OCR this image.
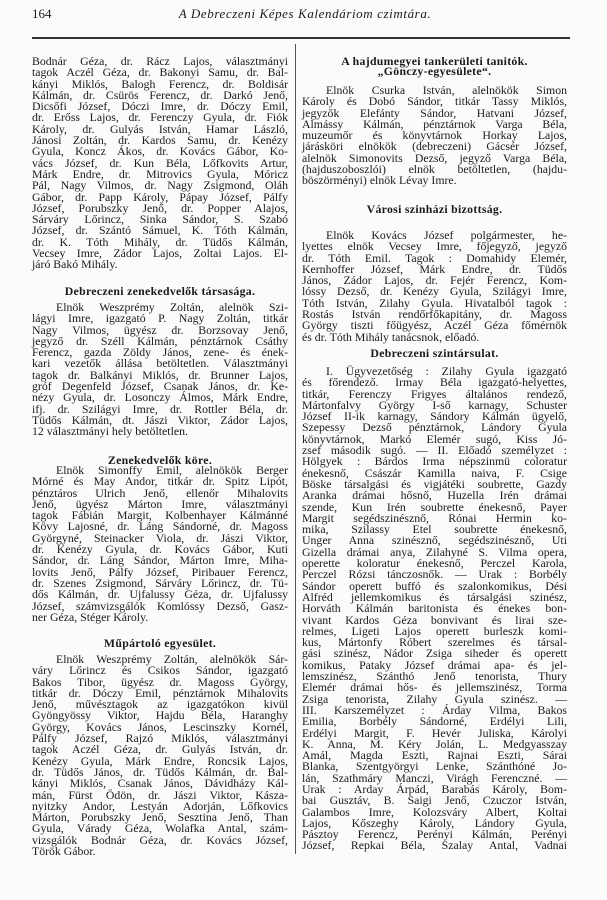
164	A Debreczeni Képes Kalendáriom czimtára.
Bodnár Géza, dr. Rácz Lajos, választmányi
tagok Aczél Géza, dr. Bakonyi Samu, dr. Bal-
kányi Miklós, Balogh Ferencz, dr. Boldisár
Kálmán, dr. Csürös Ferencz, dr. Darkó Jenő,
Dicsőfi József, Dóczi Imre, dr. Dóczy Emil,
dr. Erőss Lajos, dr. Ferenczy Gyula, dr. Fiók
Károly, dr. Gulyás István, Hamar László,
Jánosi Zoltán, dr. Kardos Samu, dr. Kenézy
Gyula, Koncz Ákos, dr. Kovács Gábor, Ko-
vács József, dr. Kun Béla, Lőfkovits Artur,
Márk Endre, dr. Mitrovics Gyula, Móricz
Pál, Nagy Vilmos, dr. Nagy Zsigmond, Oláh
Gábor, dr. Papp Károly, Pápay József, Pálfy
József, Porubszky Jenő, dr. Popper Alajos,
Sárváry Lőrincz, Sinka Sándor, S. Szabó
József, dr. Szántó Sámuel, K. Tóth Kálmán,
dr. K. Tóth Mihály, dr. Tüdős Kálmán,
Vecsey Imre, Zádor Lajos, Zoltai Lajos. El-
járó Bakó Mihály.
Debreczeni zenekedvelők társasága.
Elnök Weszprémy Zoltán, alelnök Szi-
lágyi Imre, igazgató P. Nagy Zoltán, titkár
Nagy Vilmos, ügyész dr. Borzsovay Jenő,
jegyző dr. Széll Kálmán, pénztárnok Csáthy
Ferencz, gazda Zöldy János, zene- és ének-
kari vezetők állása betöltetlen. Választmányi
tagok dr. Balkányi Miklós, dr. Brunner Lajos,
gróf Degenfeld József, Csanak János, dr. Ke-
nézy Gyula, dr. Losonczy Álmos, Márk Endre,
ifj. dr. Szilágyi Imre, dr. Rottler Béla, dr.
Tüdős Kálmán, dt. Jászi Viktor, Zádor Lajos,
12 választmányi hely betöltetlen.
Zenekedvelők köre.
Elnök Simonffy Emil, alelnökök Berger
Mórné és May Andor, titkár dr. Spitz Lipót,
pénztáros Ulrich Jenő, ellenőr Mihalovits
Jenő, ügyész Márton Imre, választmányi
tagok Fábián Margit, Kolbenhayer Kálmánné
Kövy Lajosné, dr. Láng Sándorné, dr. Magoss
Györgyné, Steinacker Viola, dr. Jászi Viktor,
dr. Kenézy Gyula, dr. Kovács Gábor, Kuti
Sándor, dr. Láng Sándor, Márton Imre, Miha-
lovits Jenő, Pálfy József, Piribauer Ferencz,
dr. Szenes Zsigmond, Sárváry Lőrincz, dr. Tü-
dős Kálmán, dr. Ujfalussy Géza, dr. Ujfalussy
József, számvizsgálók Komlóssy Dezső, Gasz-
ner Géza, Stéger Károly.
Műpártoló egyesület.
Elnök Weszprémy Zoltán, alelnökök Sár-
váry Lőrincz és Csikos Sándor, igazgató
Bakos Tibor, ügyész dr. Magoss György,
titkár dr. Dóczy Emil, pénztárnok Mihalovits
Jenő, művésztagok az igazgatókon kivül
Gyöngyössy Viktor, Hajdu Béla, Haranghy
György, Kovács János, Lescinszky Kornél,
Pálfy József, Rajzó Miklós, választmányi
tagok Aczél Géza, dr. Gulyás István, dr.
Kenézy Gyula, Márk Endre, Roncsik Lajos,
dr. Tüdős János, dr. Tüdős Kálmán, dr. Bal-
kányi Miklós, Csanak János, Dávidházy Kál-
mán, Fürst Ödön, dr. Jászi Viktor, Kásza-
nyitzky Andor, Lestyán Adorján, Lőfkovics
Márton, Porubszky Jenő, Sesztina Jenő, Than
Gyula, Várady Géza, Wolafka Antal, szám-
vizsgálók Bodnár Géza, dr. Kovács József,
Török Gábor.
A hajdumegyei tankerületi tanitók.
„Gönczy-egyesülete“.
Elnök Csurka István, alelnökök Simon
Károly és Dobó Sándor, titkár Tassy Miklós,
jegyzők Elefánty Sándor, Hatvani József,
Almássy Kálmán, pénztárnok Varga Béla,
muzeumőr és könyvtárnok Horkay Lajos,
járásköri elnökök (debreczeni) Gácsér József,
alelnök Simonovits Dezső, jegyző Varga Béla,
(hajduszoboszlói) elnök betöltetlen, (hajdu-
böszörményi) elnök Lévay Imre.
Városi szinházi bizottság.
Elnök Kovács József polgármester, he-
lyettes elnök Vecsey Imre, főjegyző, jegyző
dr. Tóth Emil. Tagok : Domahidy Elemér,
Kernhoffer József, Márk Endre, dr. Tüdős
János, Zádor Lajos, dr. Fejér Ferencz, Kom-
lóssy Dezső, dr. Kenézy Gyula, Szilágyi Imre,
Tóth István, Zilahy Gyula. Hivatalból tagok :
Rostás István rendőrfőkapitány, dr. Magoss
György tiszti főügyész, Aczél Géza főmérnök
és dr. Tóth Mihály tanácsnok, előadó.
Debreczeni szintársulat.
I. Ügyvezetőség : Zilahy Gyula igazgató
és főrendező. Irmay Béla igazgató-helyettes,
titkár, Ferenczy Frigyes általános rendező,
Mártonfalvy György I-ső karnagy, Schuster
József II-ik karnagy, Sándory Kálmán ügyelő,
Szepessy Dezső pénztárnok, Lándory Gyula
könyvtárnok, Markó Elemér sugó, Kiss Jó-
zsef második sugó. — II. Előadó személyzet :
Hölgyek : Bárdos Irma népszinmü coloratur
énekesnő, Császár Kamilla naiva, F. Csige
Böske társalgási és vigjátéki soubrette, Gazdy
Aranka drámai hősnő, Huzella Irén drámai
szende, Kun Irén soubrette énekesnő, Payer
Margit segédszinésznő, Rónai Hermin ko-
mika, Szilassy Etel soubrette énekesnő,
Unger Anna szinésznő, segédszinésznő, Uti
Gizella drámai anya, Zilahyné S. Vilma opera,
operette koloratur énekesnő, Perczel Karola,
Perczel Rózsi tánczosnők. — Urak : Borbély
Sándor operett buffó és szalonkomikus, Dési
Alfréd jellemkomikus és társalgási szinész,
Horváth Kálmán baritonista és énekes bon-
vivant Kardos Géza bonvivant és lirai sze-
relmes, Ligeti Lajos operett burleszk komi-
kus, Mártonfy Róbert szerelmes és társal-
gási szinész, Nádor Zsiga siheder és operett
komikus, Pataky József drámai apa- és jel-
lemszinész, Szánthó Jenő tenorista, Thury
Elemér drámai hős- és jellemszinész, Torma
Zsiga tenorista, Zilahy Gyula szinész. —
III. Karszemélyzet : Árday Vilma, Bakos
Emilia, Borbély Sándorné, Erdélyi Lili,
Erdélyi Margit, F. Hevér Juliska, Károlyi
K. Anna, M. Kéry Jolán, L. Medgyasszay
Amál, Magda Eszti, Rajnai Eszti, Sárai
Blanka, Szentgyörgyi Lenke, Szánthóné Jo-
lán, Szathmáry Manczi, Virágh Ferenczné. —
Urak : Arday Árpád, Barabás Károly, Bom-
bai Gusztáv, B. Saigi Jenő, Czuczor István,
Galambos Imre, Kolozsváry Albert, Koltai
Lajos, Kőszeghy Károly, Lándory Gyula,
Pásztoy Ferencz, Perényi Kálmán, Perényi
József, Repkai Béla, Szalay Antal, Vadnai
